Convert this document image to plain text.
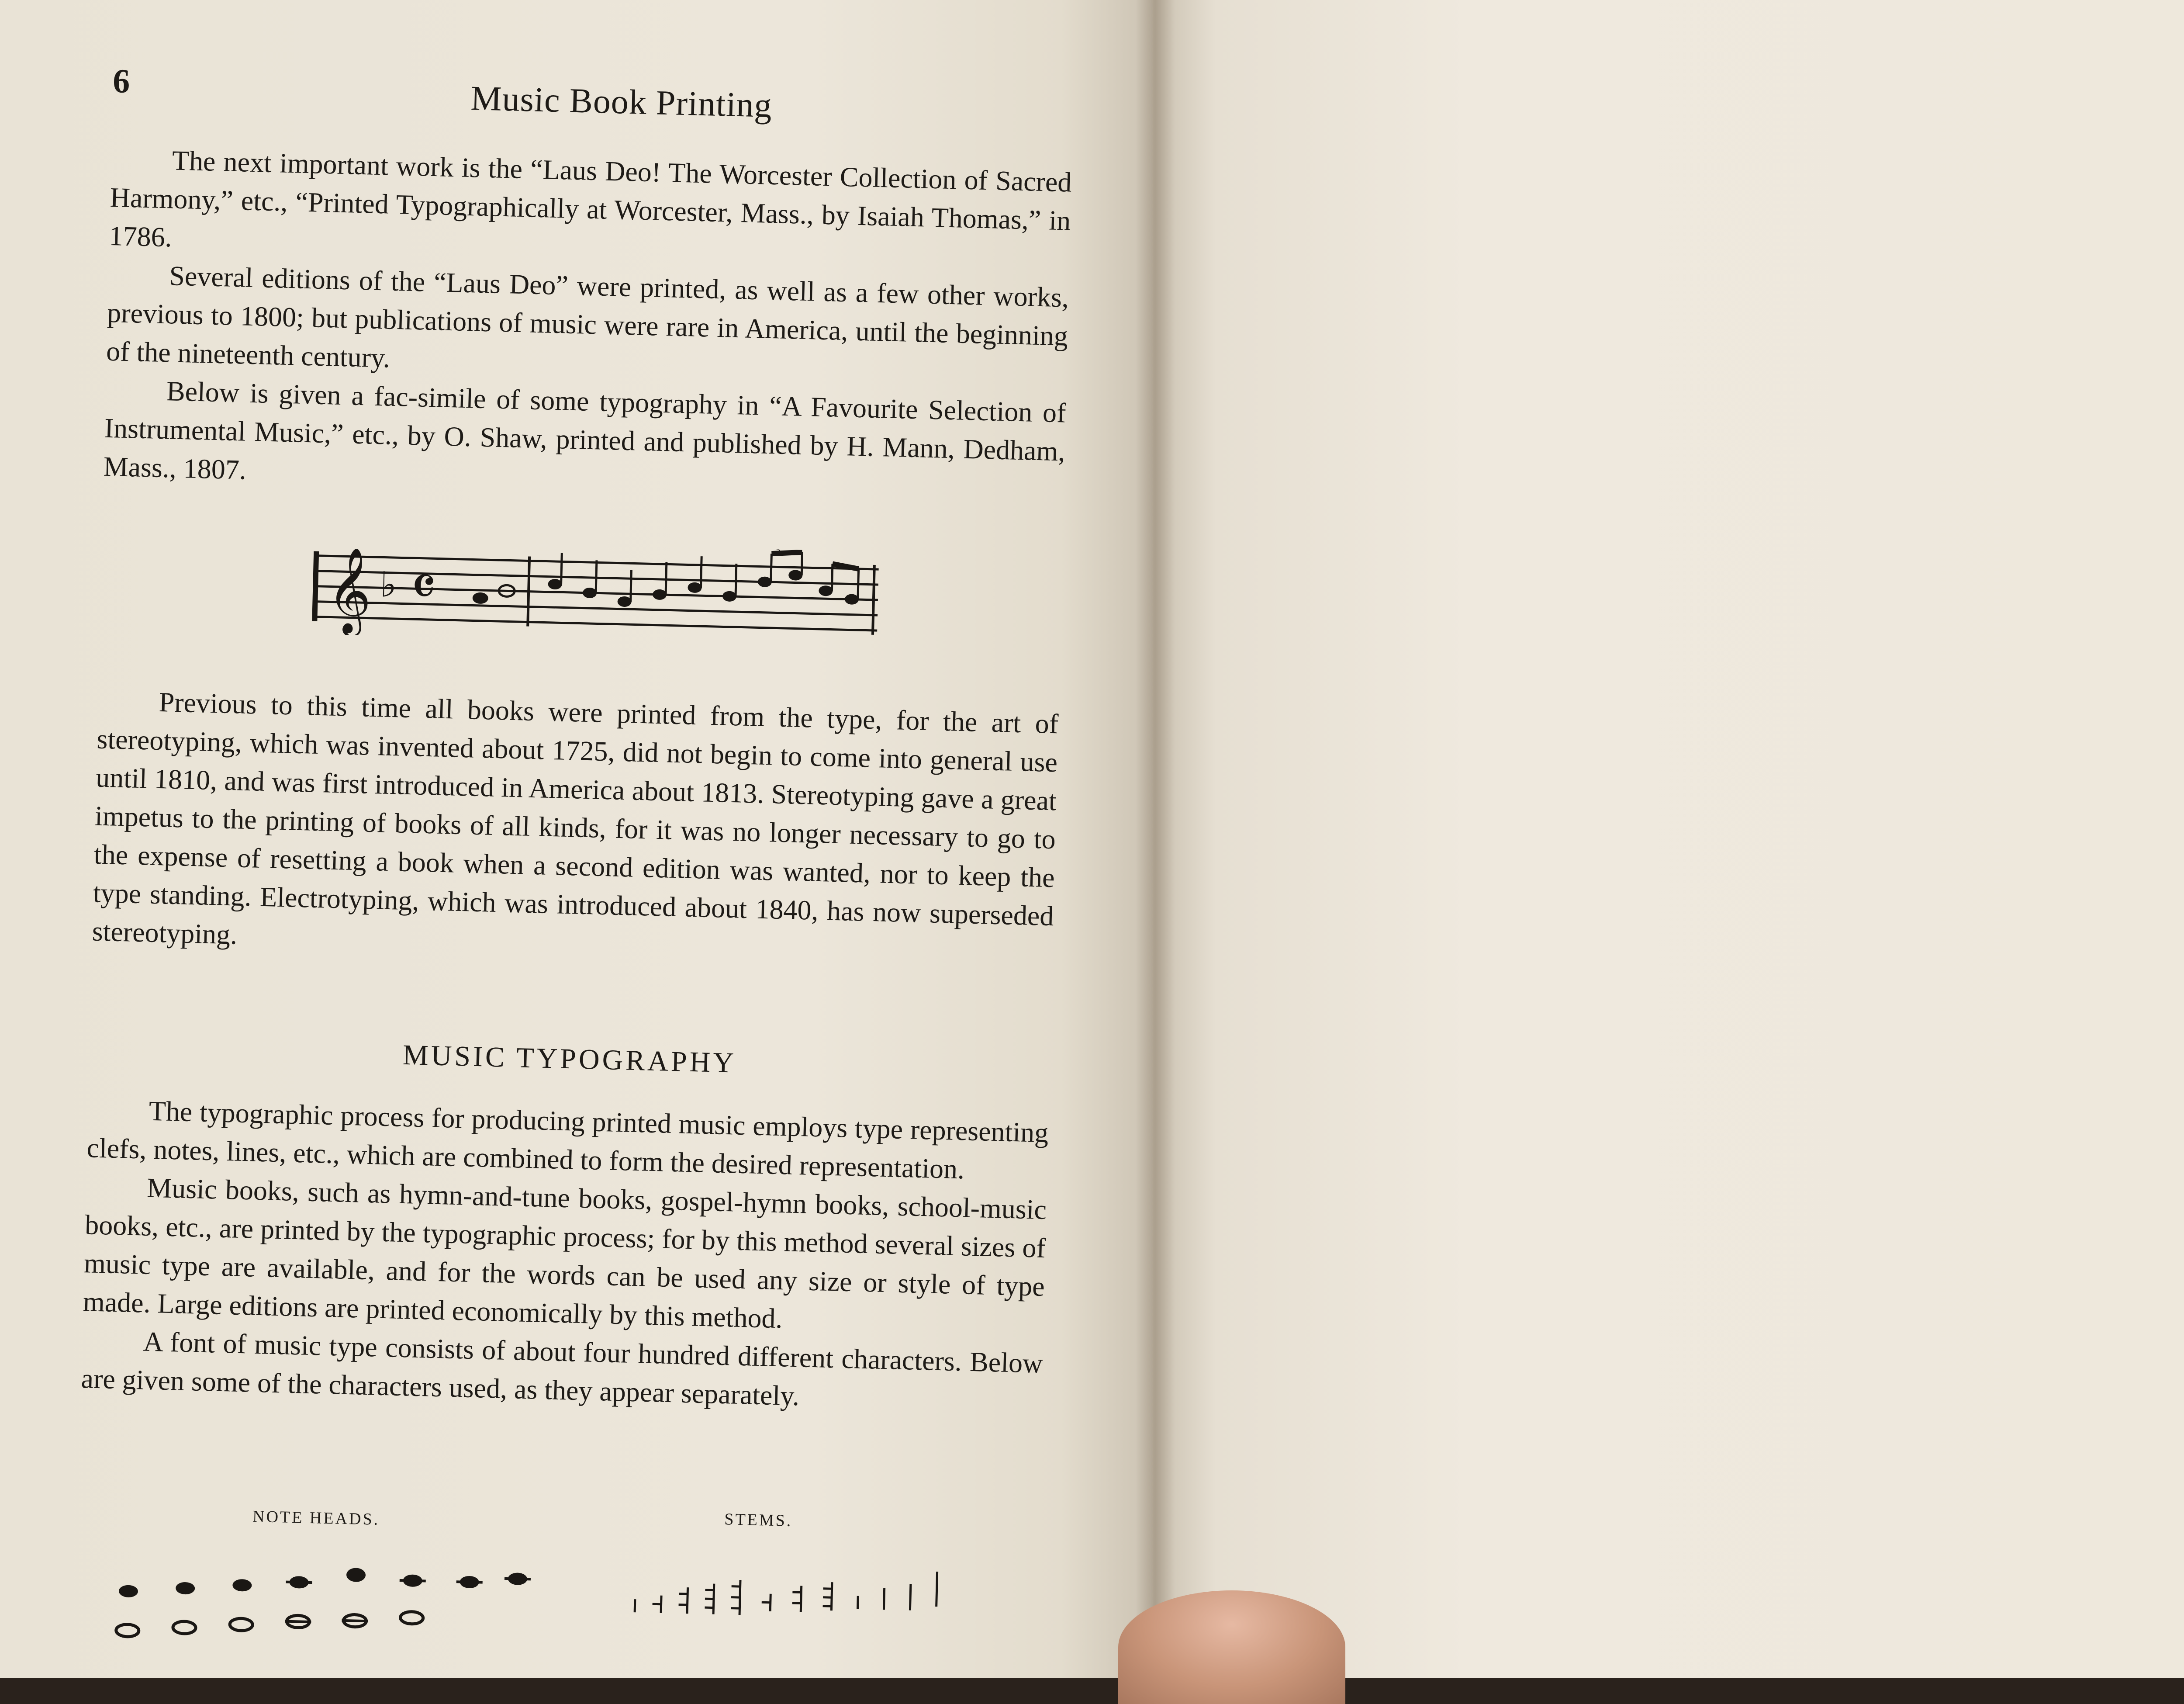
6	Music Book Printing

The next important work is the “Laus Deo! The Worcester Collection of Sacred Harmony,” etc., “Printed Typographically at Worcester, Mass., by Isaiah Thomas,” in 1786.

Several editions of the “Laus Deo” were printed, as well as a few other works, previous to 1800; but publications of music were rare in America, until the beginning of the nineteenth century.

Below is given a fac-simile of some typography in “A Favourite Selection of Instrumental Music,” etc., by O. Shaw, printed and published by H. Mann, Dedham, Mass., 1807.

𝄞 ♭ 𝄴
3

Previous to this time all books were printed from the type, for the art of stereotyping, which was invented about 1725, did not begin to come into general use until 1810, and was first introduced in America about 1813. Stereotyping gave a great impetus to the printing of books of all kinds, for it was no longer necessary to go to the expense of resetting a book when a second edition was wanted, nor to keep the type standing. Electrotyping, which was introduced about 1840, has now superseded stereotyping.

MUSIC TYPOGRAPHY

The typographic process for producing printed music employs type representing clefs, notes, lines, etc., which are combined to form the desired representation.

Music books, such as hymn-and-tune books, gospel-hymn books, school-music books, etc., are printed by the typographic process; for by this method several sizes of music type are available, and for the words can be used any size or style of type made. Large editions are printed economically by this method.

A font of music type consists of about four hundred different characters. Below are given some of the characters used, as they appear separately.

NOTE HEADS.	STEMS.
